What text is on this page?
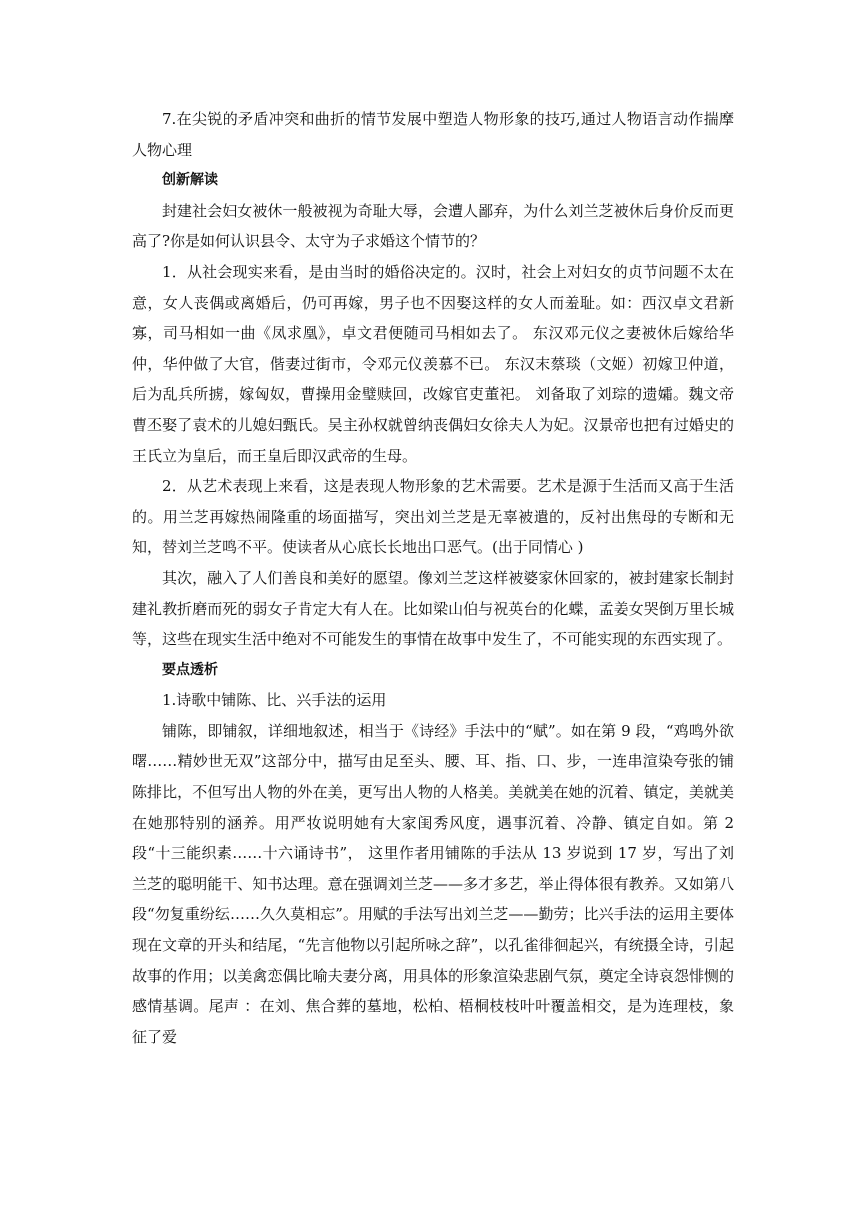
7.在尖锐的矛盾冲突和曲折的情节发展中塑造人物形象的技巧,通过人物语言动作揣摩人物心理

创新解读

封建社会妇女被休一般被视为奇耻大辱，会遭人鄙弃，为什么刘兰芝被休后身价反而更高了?你是如何认识县令、太守为子求婚这个情节的？

1．从社会现实来看，是由当时的婚俗决定的。汉时，社会上对妇女的贞节问题不太在意，女人丧偶或离婚后，仍可再嫁，男子也不因娶这样的女人而羞耻。如：西汉卓文君新寡，司马相如一曲《凤求凰》，卓文君便随司马相如去了。 东汉邓元仪之妻被休后嫁给华仲，华仲做了大官，偕妻过街市，令邓元仪羡慕不已。 东汉末蔡琰（文姬）初嫁卫仲道，后为乱兵所掳，嫁匈奴，曹操用金璧赎回，改嫁官吏董祀。 刘备取了刘琮的遗孀。魏文帝曹丕娶了袁术的儿媳妇甄氏。吴主孙权就曾纳丧偶妇女徐夫人为妃。汉景帝也把有过婚史的王氏立为皇后，而王皇后即汉武帝的生母。

2．从艺术表现上来看，这是表现人物形象的艺术需要。艺术是源于生活而又高于生活的。用兰芝再嫁热闹隆重的场面描写，突出刘兰芝是无辜被遣的，反衬出焦母的专断和无知，替刘兰芝鸣不平。使读者从心底长长地出口恶气。(出于同情心 )

其次，融入了人们善良和美好的愿望。像刘兰芝这样被婆家休回家的，被封建家长制封建礼教折磨而死的弱女子肯定大有人在。比如梁山伯与祝英台的化蝶，孟姜女哭倒万里长城等，这些在现实生活中绝对不可能发生的事情在故事中发生了，不可能实现的东西实现了。

要点透析

1.诗歌中铺陈、比、兴手法的运用

铺陈，即铺叙，详细地叙述，相当于《诗经》手法中的“赋”。如在第 9 段，“鸡鸣外欲曙……精妙世无双”这部分中，描写由足至头、腰、耳、指、口、步，一连串渲染夸张的铺陈排比，不但写出人物的外在美，更写出人物的人格美。美就美在她的沉着、镇定，美就美在她那特别的涵养。用严妆说明她有大家闺秀风度，遇事沉着、冷静、镇定自如。第 2 段“十三能织素……十六诵诗书”， 这里作者用铺陈的手法从 13 岁说到 17 岁，写出了刘兰芝的聪明能干、知书达理。意在强调刘兰芝——多才多艺，举止得体很有教养。又如第八段“勿复重纷纭……久久莫相忘”。用赋的手法写出刘兰芝——勤劳；比兴手法的运用主要体现在文章的开头和结尾，“先言他物以引起所咏之辞”，以孔雀徘徊起兴，有统摄全诗，引起故事的作用；以美禽恋偶比喻夫妻分离，用具体的形象渲染悲剧气氛，奠定全诗哀怨悱恻的感情基调。尾声 ：在刘、焦合葬的墓地，松柏、梧桐枝枝叶叶覆盖相交，是为连理枝，象征了爱
